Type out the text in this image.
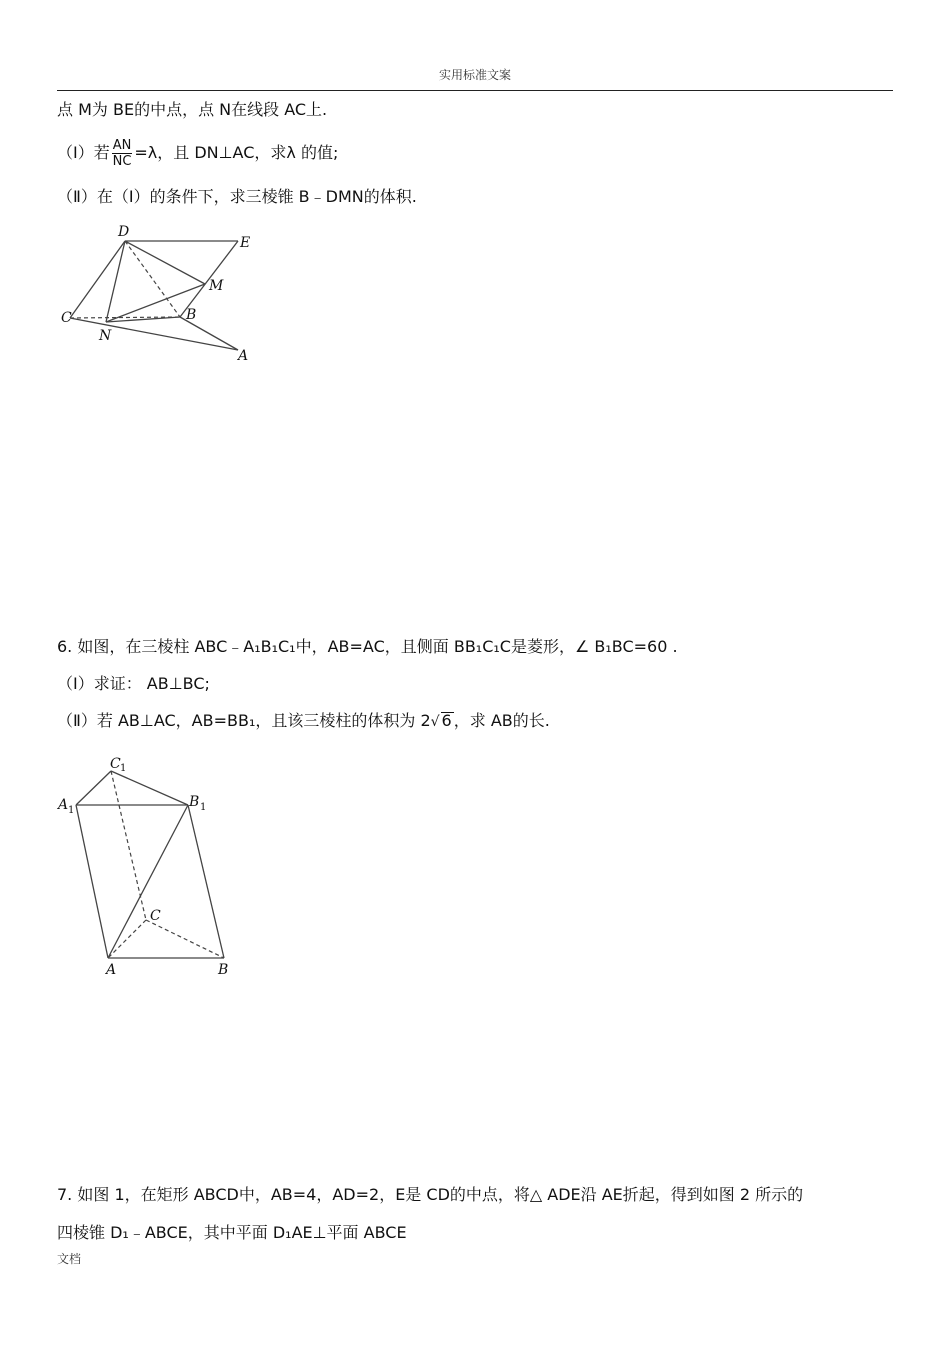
实用标准文案
点 M为 BE的中点，点 N在线段 AC上.
（Ⅰ）若 $\frac{AN}{NC} =\lambda$，且 DN⊥AC，求λ 的值;
（Ⅱ）在（Ⅰ）的条件下，求三棱锥 B﹣DMN的体积.
D
E
M
C	B
N
A
C 1
A 1
B 1
C
A	B
6. 如图，在三棱柱 ABC﹣A₁B₁C₁中，AB=AC，且侧面 BB₁C₁C是菱形，∠ B₁BC=60 .
（Ⅰ）求证： AB⊥BC;
（Ⅱ）若 AB⊥AC，AB=BB₁，且该三棱柱的体积为 2√ 6 ，求 AB的长.
7. 如图 1，在矩形 ABCD中，AB=4，AD=2，E是 CD的中点，将△ ADE沿 AE折起，得到如图 2 所示的
四棱锥 D₁﹣ABCE，其中平面 D₁AE⊥平面 ABCE
文档
